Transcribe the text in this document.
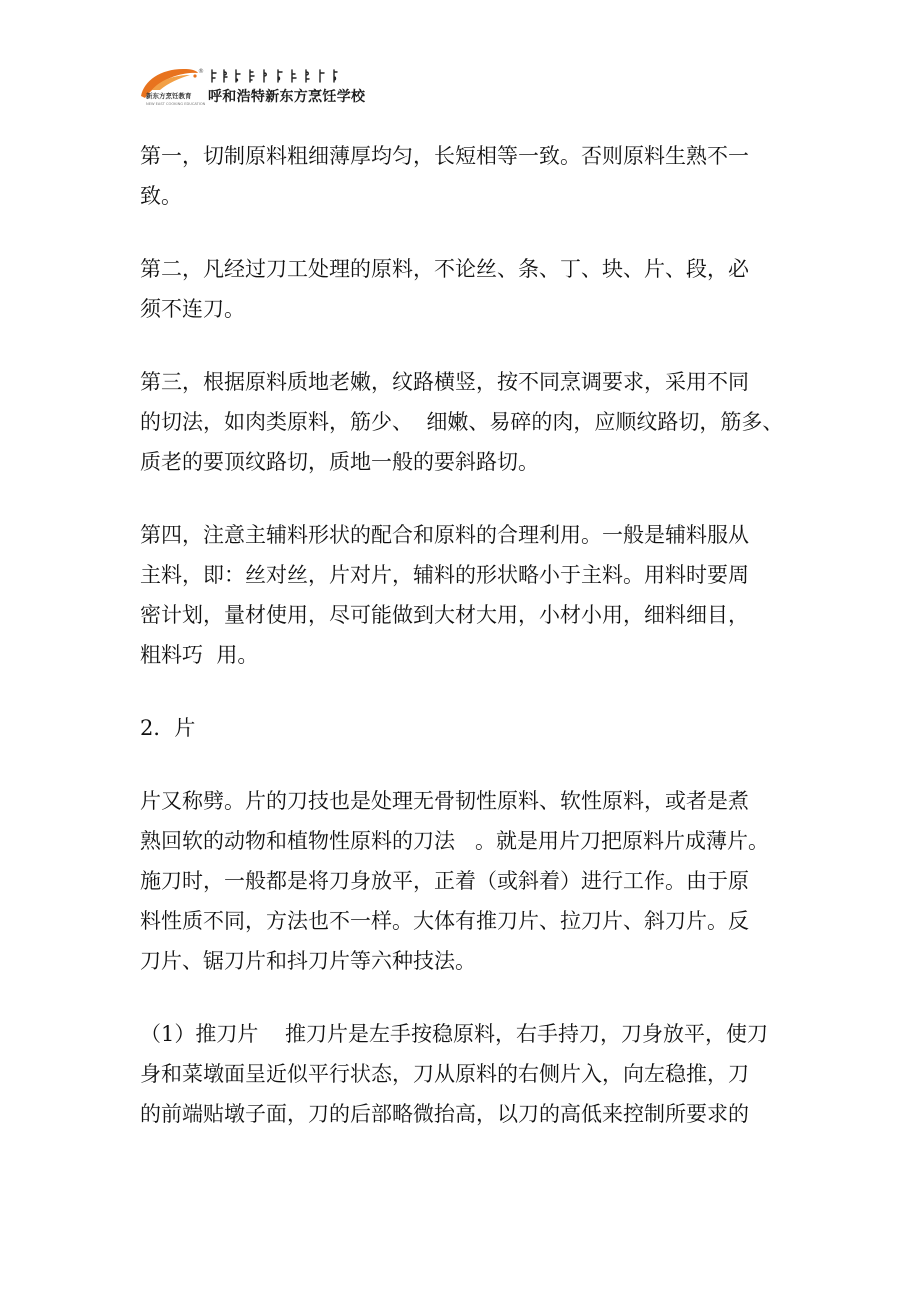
®
新东方烹饪教育
NEW EAST COOKING EDUCATION 呼和浩特新东方烹饪学校

第一，切制原料粗细薄厚均匀，长短相等一致。否则原料生熟不一
致。

第二，凡经过刀工处理的原料，不论丝、条、丁、块、片、段，必
须不连刀。

第三，根据原料质地老嫩，纹路横竖，按不同烹调要求，采用不同
的切法，如肉类原料，筋少、  细嫩、易碎的肉，应顺纹路切，筋多、
质老的要顶纹路切，质地一般的要斜路切。

第四，注意主辅料形状的配合和原料的合理利用。一般是辅料服从
主料，即：丝对丝，片对片，辅料的形状略小于主料。用料时要周
密计划，量材使用，尽可能做到大材大用，小材小用，细料细目，
粗料巧  用。

2．片

片又称劈。片的刀技也是处理无骨韧性原料、软性原料，或者是煮
熟回软的动物和植物性原料的刀法   。就是用片刀把原料片成薄片。
施刀时，一般都是将刀身放平，正着（或斜着）进行工作。由于原
料性质不同，方法也不一样。大体有推刀片、拉刀片、斜刀片。反
刀片、锯刀片和抖刀片等六种技法。

（1）推刀片    推刀片是左手按稳原料，右手持刀，刀身放平，使刀
身和菜墩面呈近似平行状态，刀从原料的右侧片入，向左稳推，刀
的前端贴墩子面，刀的后部略微抬高，以刀的高低来控制所要求的
